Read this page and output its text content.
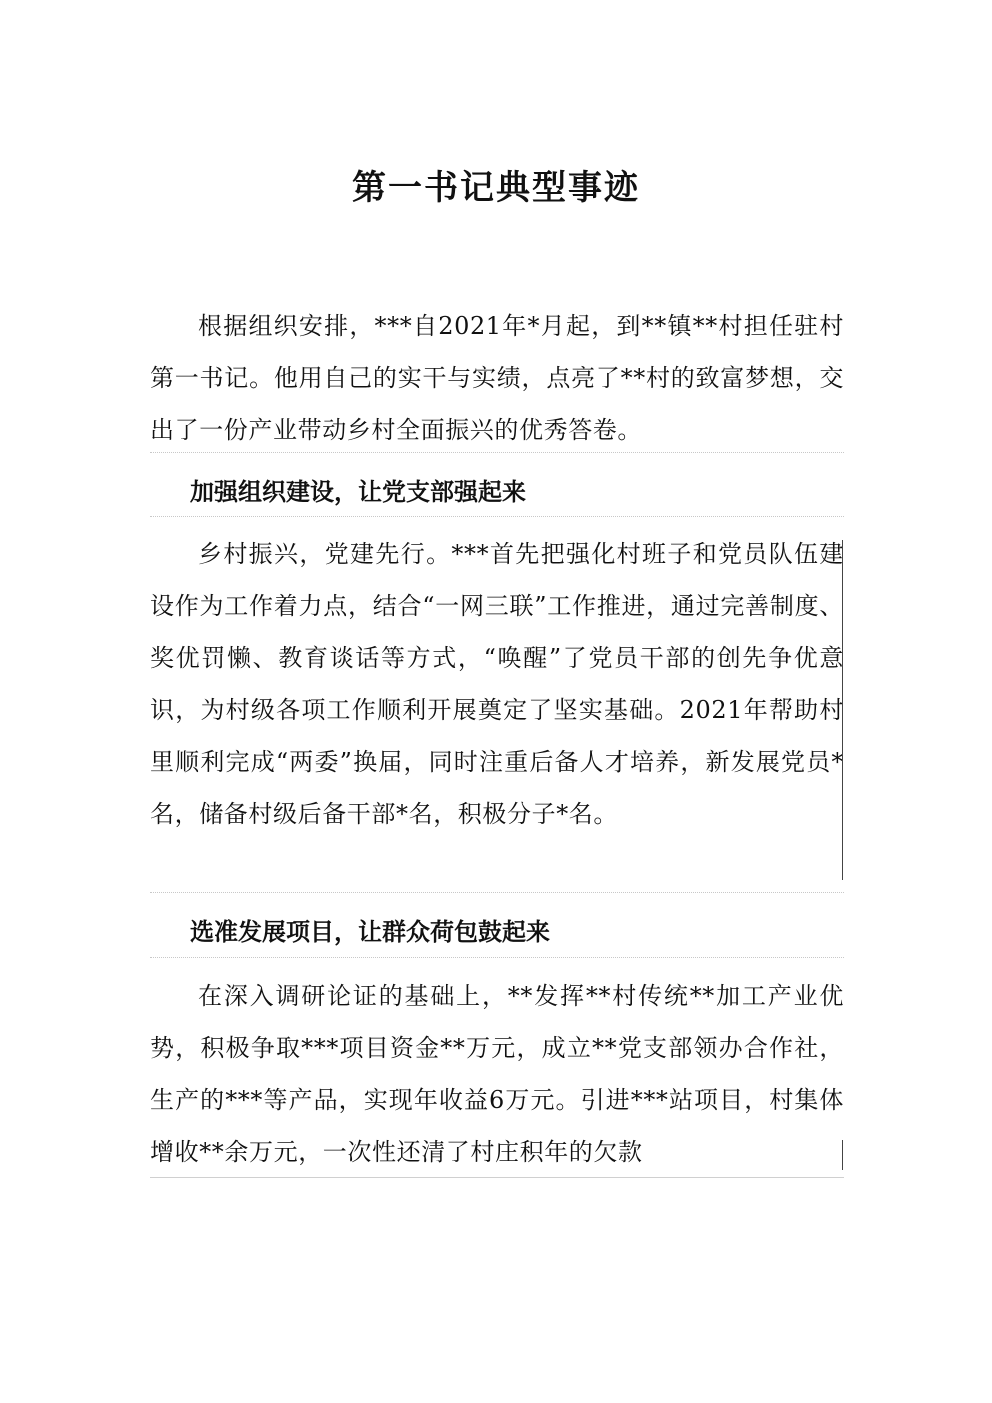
第一书记典型事迹
根据组织安排，***自2021年*月起，到**镇**村担任驻村第一书记。他用自己的实干与实绩，点亮了**村的致富梦想，交出了一份产业带动乡村全面振兴的优秀答卷。
加强组织建设，让党支部强起来
乡村振兴，党建先行。***首先把强化村班子和党员队伍建设作为工作着力点，结合“一网三联”工作推进，通过完善制度、奖优罚懒、教育谈话等方式，“唤醒”了党员干部的创先争优意识，为村级各项工作顺利开展奠定了坚实基础。2021年帮助村里顺利完成“两委”换届，同时注重后备人才培养，新发展党员*名，储备村级后备干部*名，积极分子*名。
选准发展项目，让群众荷包鼓起来
在深入调研论证的基础上，**发挥**村传统**加工产业优势，积极争取***项目资金**万元，成立**党支部领办合作社，生产的***等产品，实现年收益6万元。引进***站项目，村集体增收**余万元，一次性还清了村庄积年的欠款
